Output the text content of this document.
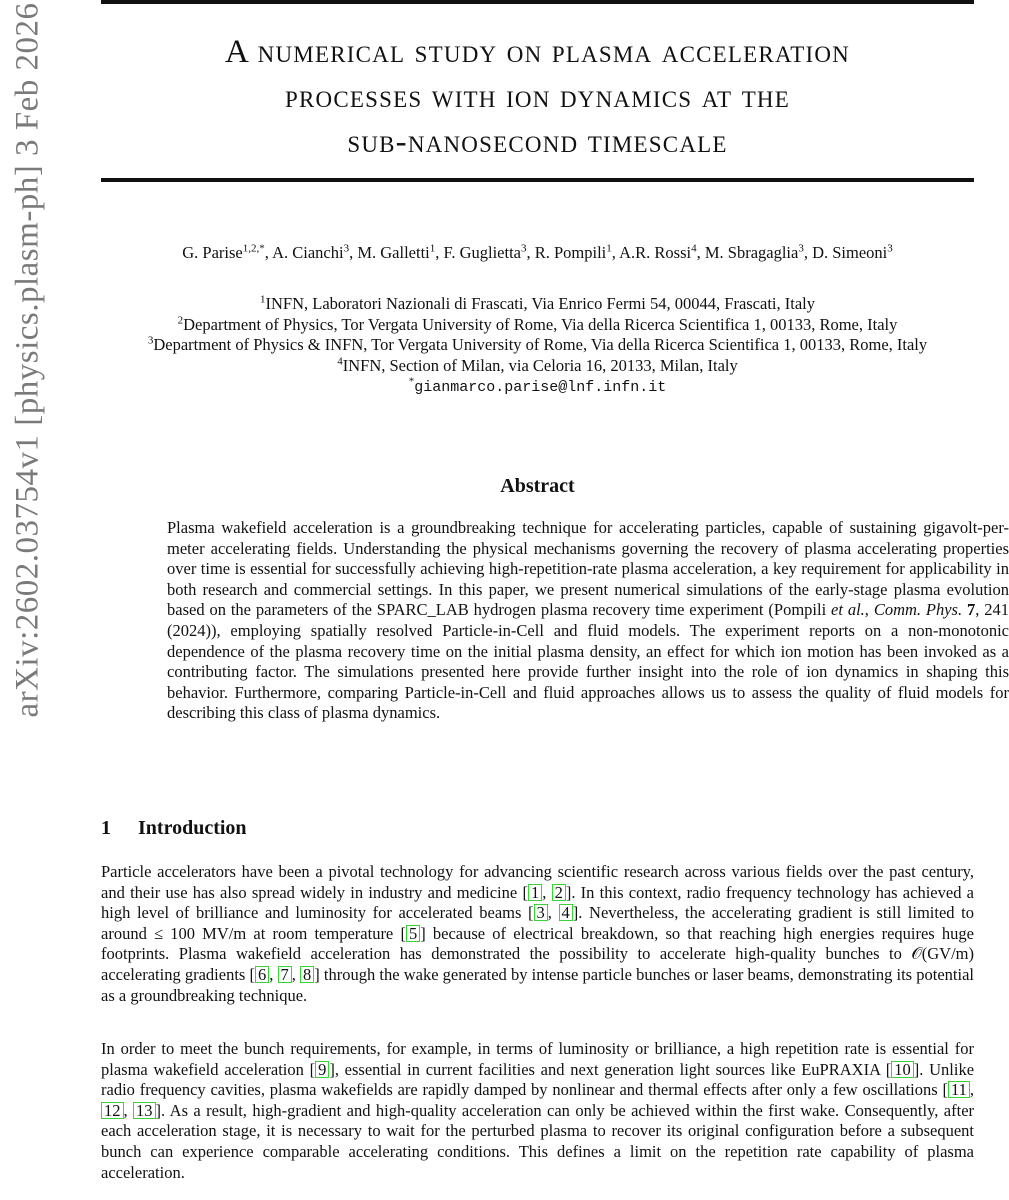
arXiv:2602.03754v1 [physics.plasm-ph] 3 Feb 2026	A numerical study on plasma acceleration
processes with ion dynamics at the
sub-nanosecond timescale
G. Parise$^{1,2,*}$, A. Cianchi$^3$, M. Galletti$^1$, F. Guglietta$^3$, R. Pompili$^1$, A.R. Rossi$^4$, M. Sbragaglia$^3$, D. Simeoni$^3$
$^1$INFN, Laboratori Nazionali di Frascati, Via Enrico Fermi 54, 00044, Frascati, Italy
$^2$Department of Physics, Tor Vergata University of Rome, Via della Ricerca Scientifica 1, 00133, Rome, Italy
$^3$Department of Physics & INFN, Tor Vergata University of Rome, Via della Ricerca Scientifica 1, 00133, Rome, Italy
$^4$INFN, Section of Milan, via Celoria 16, 20133, Milan, Italy
*gianmarco.parise@lnf.infn.it
Abstract
Plasma wakefield acceleration is a groundbreaking technique for accelerating particles, capable of sustaining gigavolt-per-meter accelerating fields. Understanding the physical mechanisms governing the recovery of plasma accelerating properties over time is essential for successfully achieving high-repetition-rate plasma acceleration, a key requirement for applicability in both research and commercial settings. In this paper, we present numerical simulations of the early-stage plasma evolution based on the parameters of the SPARC_LAB hydrogen plasma recovery time experiment (Pompili et al., Comm. Phys. 7, 241 (2024)), employing spatially resolved Particle-in-Cell and fluid models. The experiment reports on a non-monotonic dependence of the plasma recovery time on the initial plasma density, an effect for which ion motion has been invoked as a contributing factor. The simulations presented here provide further insight into the role of ion dynamics in shaping this behavior. Furthermore, comparing Particle-in-Cell and fluid approaches allows us to assess the quality of fluid models for describing this class of plasma dynamics.
1 Introduction
Particle accelerators have been a pivotal technology for advancing scientific research across various fields over the past century, and their use has also spread widely in industry and medicine [ 1 , 2 ]. In this context, radio frequency technology has achieved a high level of brilliance and luminosity for accelerated beams [ 3 , 4 ]. Nevertheless, the accelerating gradient is still limited to around ≤ 100 MV/m at room temperature [ 5 ] because of electrical breakdown, so that reaching high energies requires huge footprints. Plasma wakefield acceleration has demonstrated the possibility to accelerate high-quality bunches to 𝒪(GV/m) accelerating gradients [ 6 , 7 , 8 ] through the wake generated by intense particle bunches or laser beams, demonstrating its potential as a groundbreaking technique.
In order to meet the bunch requirements, for example, in terms of luminosity or brilliance, a high repetition rate is essential for plasma wakefield acceleration [ 9 ], essential in current facilities and next generation light sources like EuPRAXIA [ 10 ]. Unlike radio frequency cavities, plasma wakefields are rapidly damped by nonlinear and thermal effects after only a few oscillations [ 11 , 12 , 13 ]. As a result, high-gradient and high-quality acceleration can only be achieved within the first wake. Consequently, after each acceleration stage, it is necessary to wait for the perturbed plasma to recover its original configuration before a subsequent bunch can experience comparable accelerating conditions. This defines a limit on the repetition rate capability of plasma acceleration.
